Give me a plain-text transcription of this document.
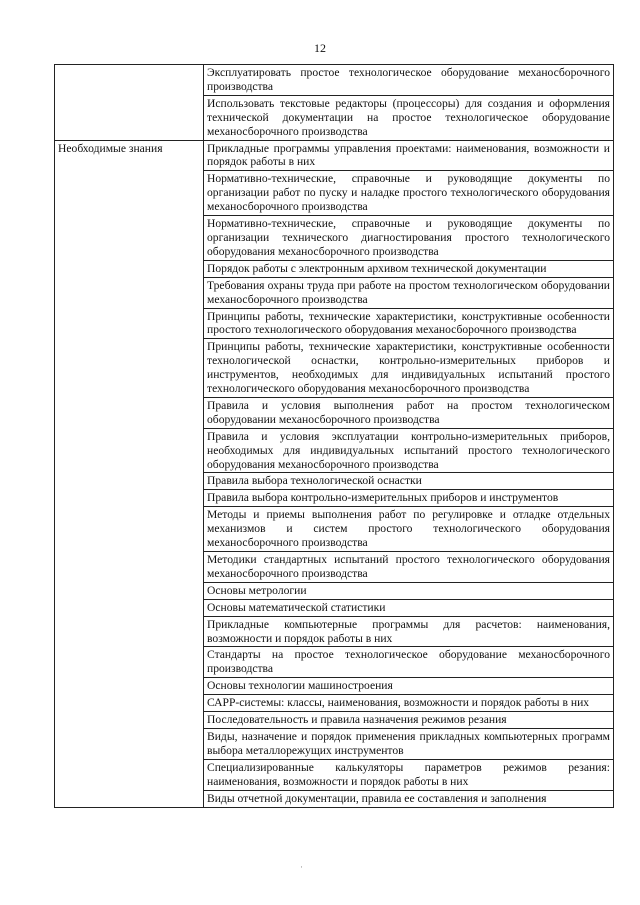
12
	Эксплуатировать простое технологическое оборудование механосборочного производства
	Использовать текстовые редакторы (процессоры) для создания и оформления технической документации на простое технологическое оборудование механосборочного производства
Необходимые знания	Прикладные программы управления проектами: наименования, возможности и порядок работы в них
	Нормативно-технические, справочные и руководящие документы по организации работ по пуску и наладке простого технологического оборудования механосборочного производства
	Нормативно-технические, справочные и руководящие документы по организации технического диагностирования простого технологического оборудования механосборочного производства
	Порядок работы с электронным архивом технической документации
	Требования охраны труда при работе на простом технологическом оборудовании механосборочного производства
	Принципы работы, технические характеристики, конструктивные особенности простого технологического оборудования механосборочного производства
	Принципы работы, технические характеристики, конструктивные особенности технологической оснастки, контрольно-измерительных приборов и инструментов, необходимых для индивидуальных испытаний простого технологического оборудования механосборочного производства
	Правила и условия выполнения работ на простом технологическом оборудовании механосборочного производства
	Правила и условия эксплуатации контрольно-измерительных приборов, необходимых для индивидуальных испытаний простого технологического оборудования механосборочного производства
	Правила выбора технологической оснастки
	Правила выбора контрольно-измерительных приборов и инструментов
	Методы и приемы выполнения работ по регулировке и отладке отдельных механизмов и систем простого технологического оборудования механосборочного производства
	Методики стандартных испытаний простого технологического оборудования механосборочного производства
	Основы метрологии
	Основы математической статистики
	Прикладные компьютерные программы для расчетов: наименования, возможности и порядок работы в них
	Стандарты на простое технологическое оборудование механосборочного производства
	Основы технологии машиностроения
	САРР-системы: классы, наименования, возможности и порядок работы в них
	Последовательность и правила назначения режимов резания
	Виды, назначение и порядок применения прикладных компьютерных программ выбора металлорежущих инструментов
	Специализированные калькуляторы параметров режимов резания: наименования, возможности и порядок работы в них
	Виды отчетной документации, правила ее составления и заполнения
·
